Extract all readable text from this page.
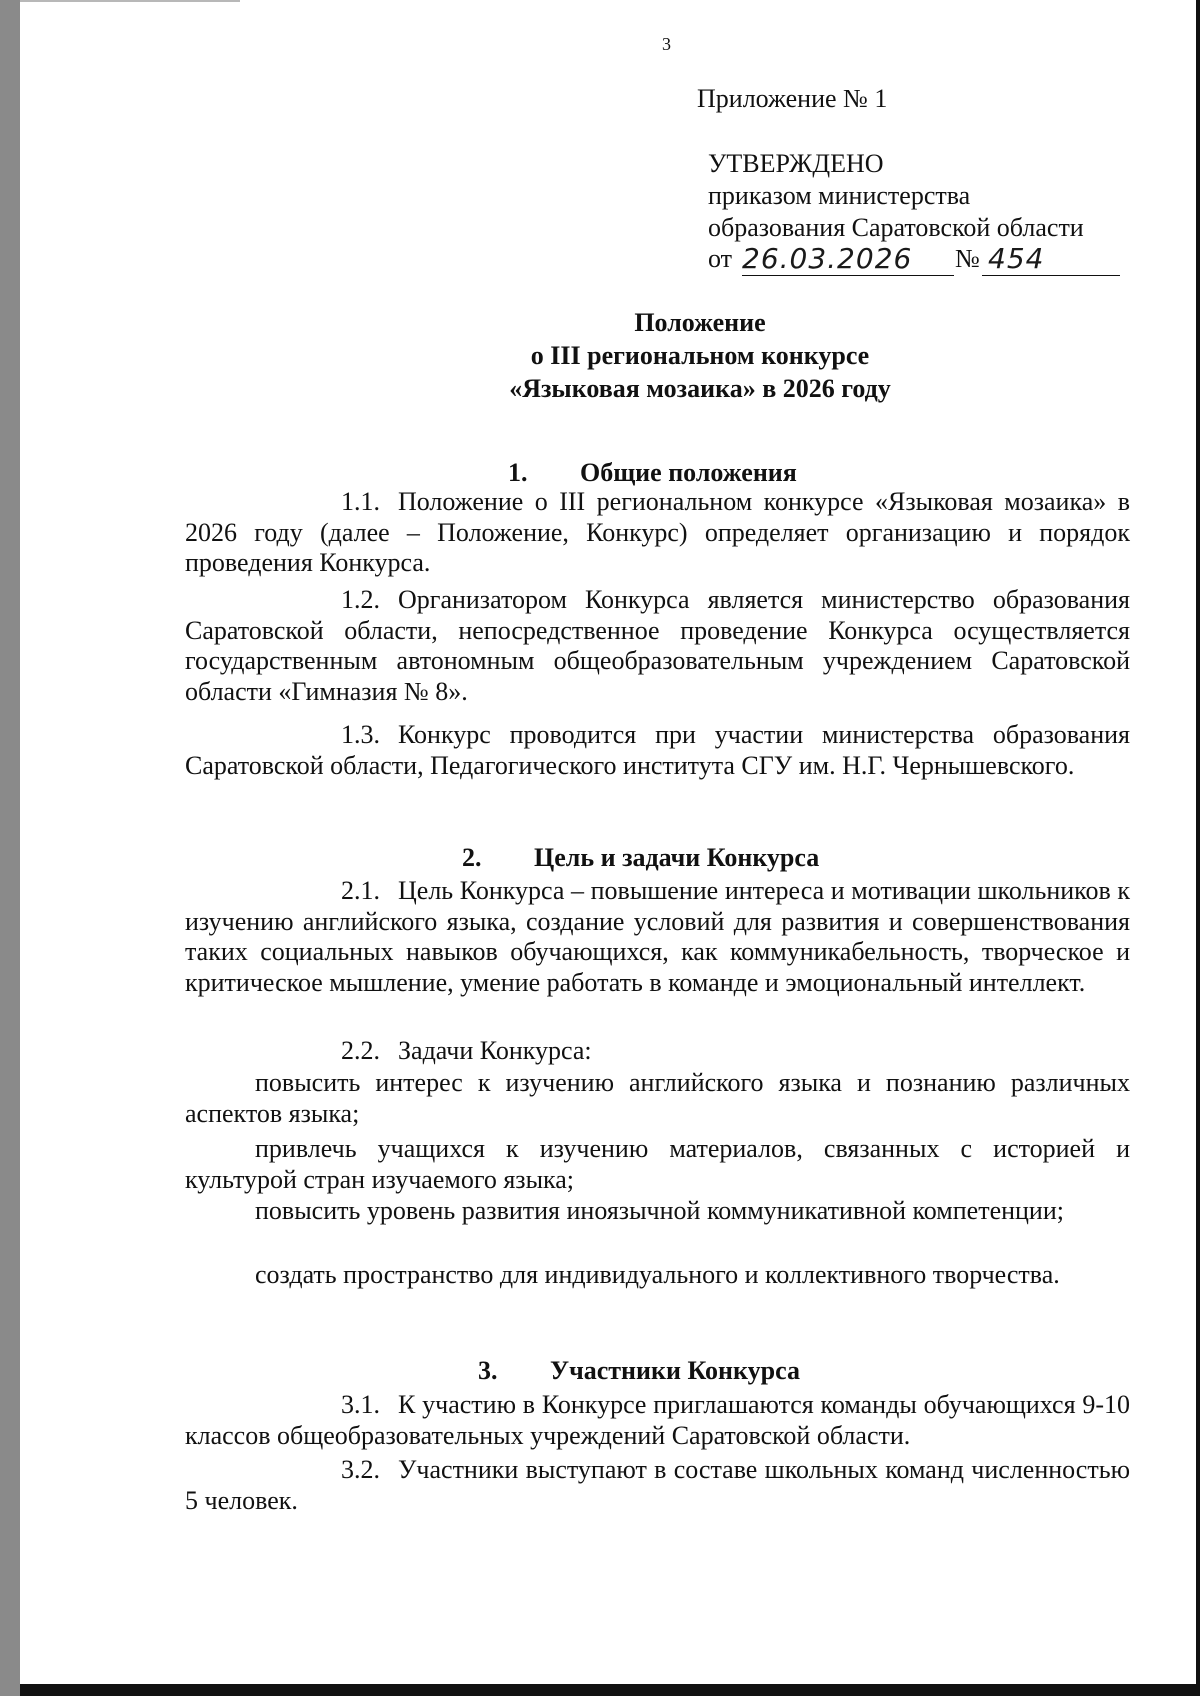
3
Приложение № 1
УТВЕРЖДЕНО
приказом министерства
образования Саратовской области
от 26.03.2026 № 454
Положение
о III региональном конкурсе
«Языковая мозаика» в 2026 году
1. Общие положения
1.1. Положение о III региональном конкурсе «Языковая мозаика» в 2026 году (далее – Положение, Конкурс) определяет организацию и порядок проведения Конкурса.
1.2. Организатором Конкурса является министерство образования Саратовской области, непосредственное проведение Конкурса осуществляется государственным автономным общеобразовательным учреждением Саратовской области «Гимназия № 8».
1.3. Конкурс проводится при участии министерства образования Саратовской области, Педагогического института СГУ им. Н.Г. Чернышевского.
2. Цель и задачи Конкурса
2.1. Цель Конкурса – повышение интереса и мотивации школьников к изучению английского языка, создание условий для развития и совершенствования таких социальных навыков обучающихся, как коммуникабельность, творческое и критическое мышление, умение работать в команде и эмоциональный интеллект.
2.2. Задачи Конкурса:
повысить интерес к изучению английского языка и познанию различных аспектов языка;
привлечь учащихся к изучению материалов, связанных с историей и культурой стран изучаемого языка;
повысить уровень развития иноязычной коммуникативной компетенции;
создать пространство для индивидуального и коллективного творчества.
3. Участники Конкурса
3.1. К участию в Конкурсе приглашаются команды обучающихся 9-10 классов общеобразовательных учреждений Саратовской области.
3.2. Участники выступают в составе школьных команд численностью 5 человек.
